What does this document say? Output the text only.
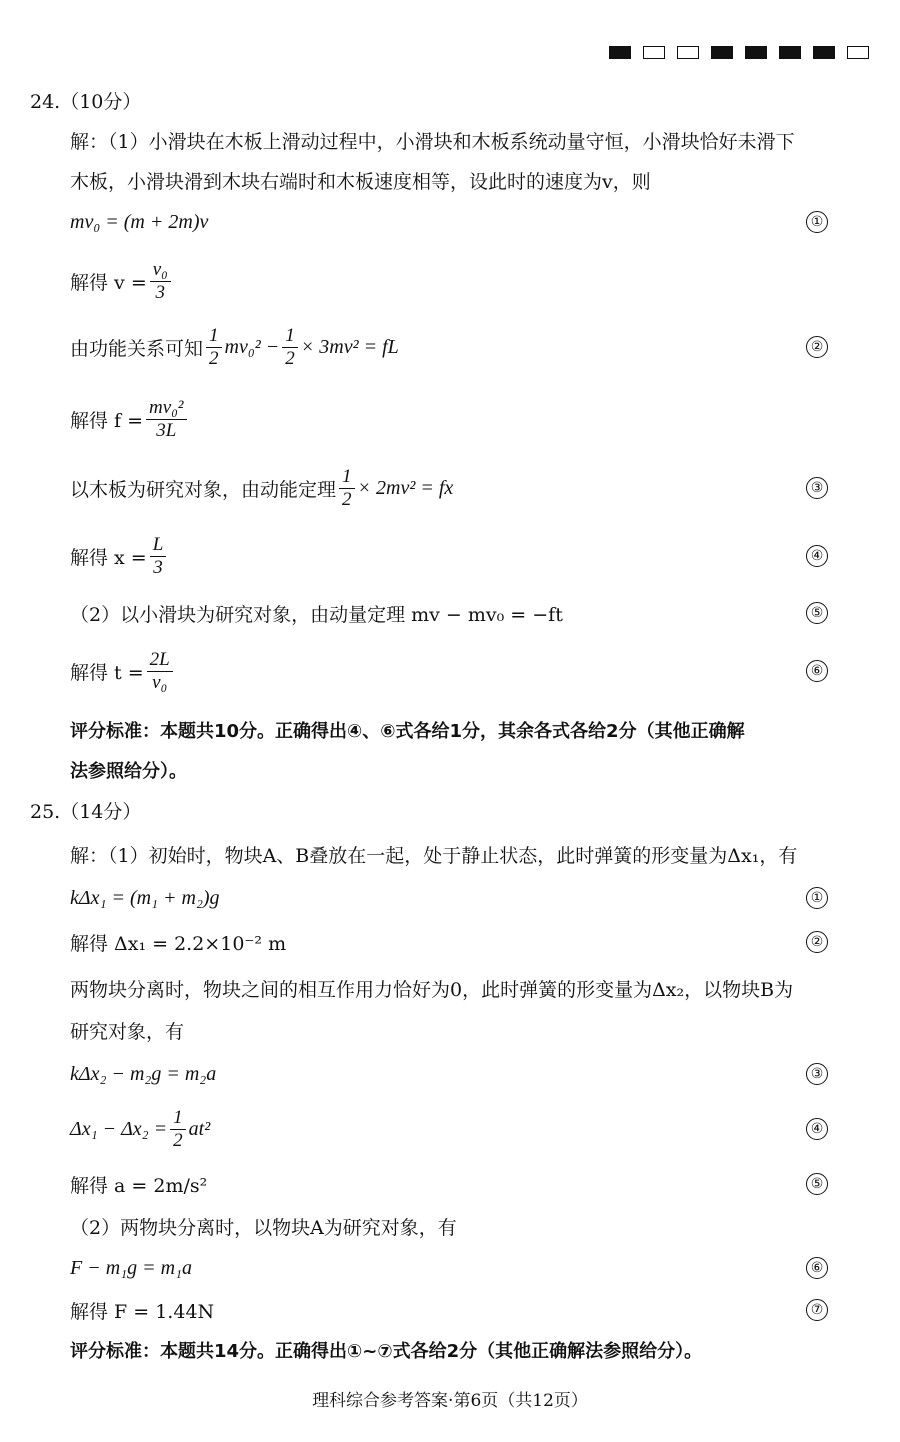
24.（10分）
解：（1）小滑块在木板上滑动过程中，小滑块和木板系统动量守恒，小滑块恰好未滑下
木板，小滑块滑到木块右端时和木板速度相等，设此时的速度为v，则
mv₀ = (m + 2m)v	①
解得 $v = \frac{\text{v₀}}{3}$
由功能关系可知 $\frac{1}{2} mv_0^2 - \frac{1}{2} \times 3mv^2$ = fL	②
解得 $f = \frac{\text{mv₀²}}{3L}$
以木板为研究对象，由动能定理 $\frac{1}{2} \times 2mv^2$ = fx	③
解得 $x = \frac{L}{3}$	④
（2）以小滑块为研究对象，由动量定理 mv − mv₀ = −ft	⑤
解得 $t = \frac{2L}{\text{v₀}}$	⑥
评分标准：本题共10分。正确得出④、⑥式各给1分，其余各式各给2分（其他正确解
法参照给分）。
25.（14分）
解：（1）初始时，物块A、B叠放在一起，处于静止状态，此时弹簧的形变量为Δx₁，有
kΔx₁ = (m₁ + m₂)g	①
解得 Δx₁ = 2.2×10⁻² m	②
两物块分离时，物块之间的相互作用力恰好为0，此时弹簧的形变量为Δx₂，以物块B为
研究对象，有
kΔx₂ − m₂g = m₂a	③
$\Delta x_1 - \Delta x_2 = \frac{1}{2} at^2$	④
解得 a = 2m/s²	⑤
（2）两物块分离时，以物块A为研究对象，有
F − m₁g = m₁a	⑥
解得 F = 1.44N	⑦
评分标准：本题共14分。正确得出①~⑦式各给2分（其他正确解法参照给分）。
理科综合参考答案·第6页（共12页）
